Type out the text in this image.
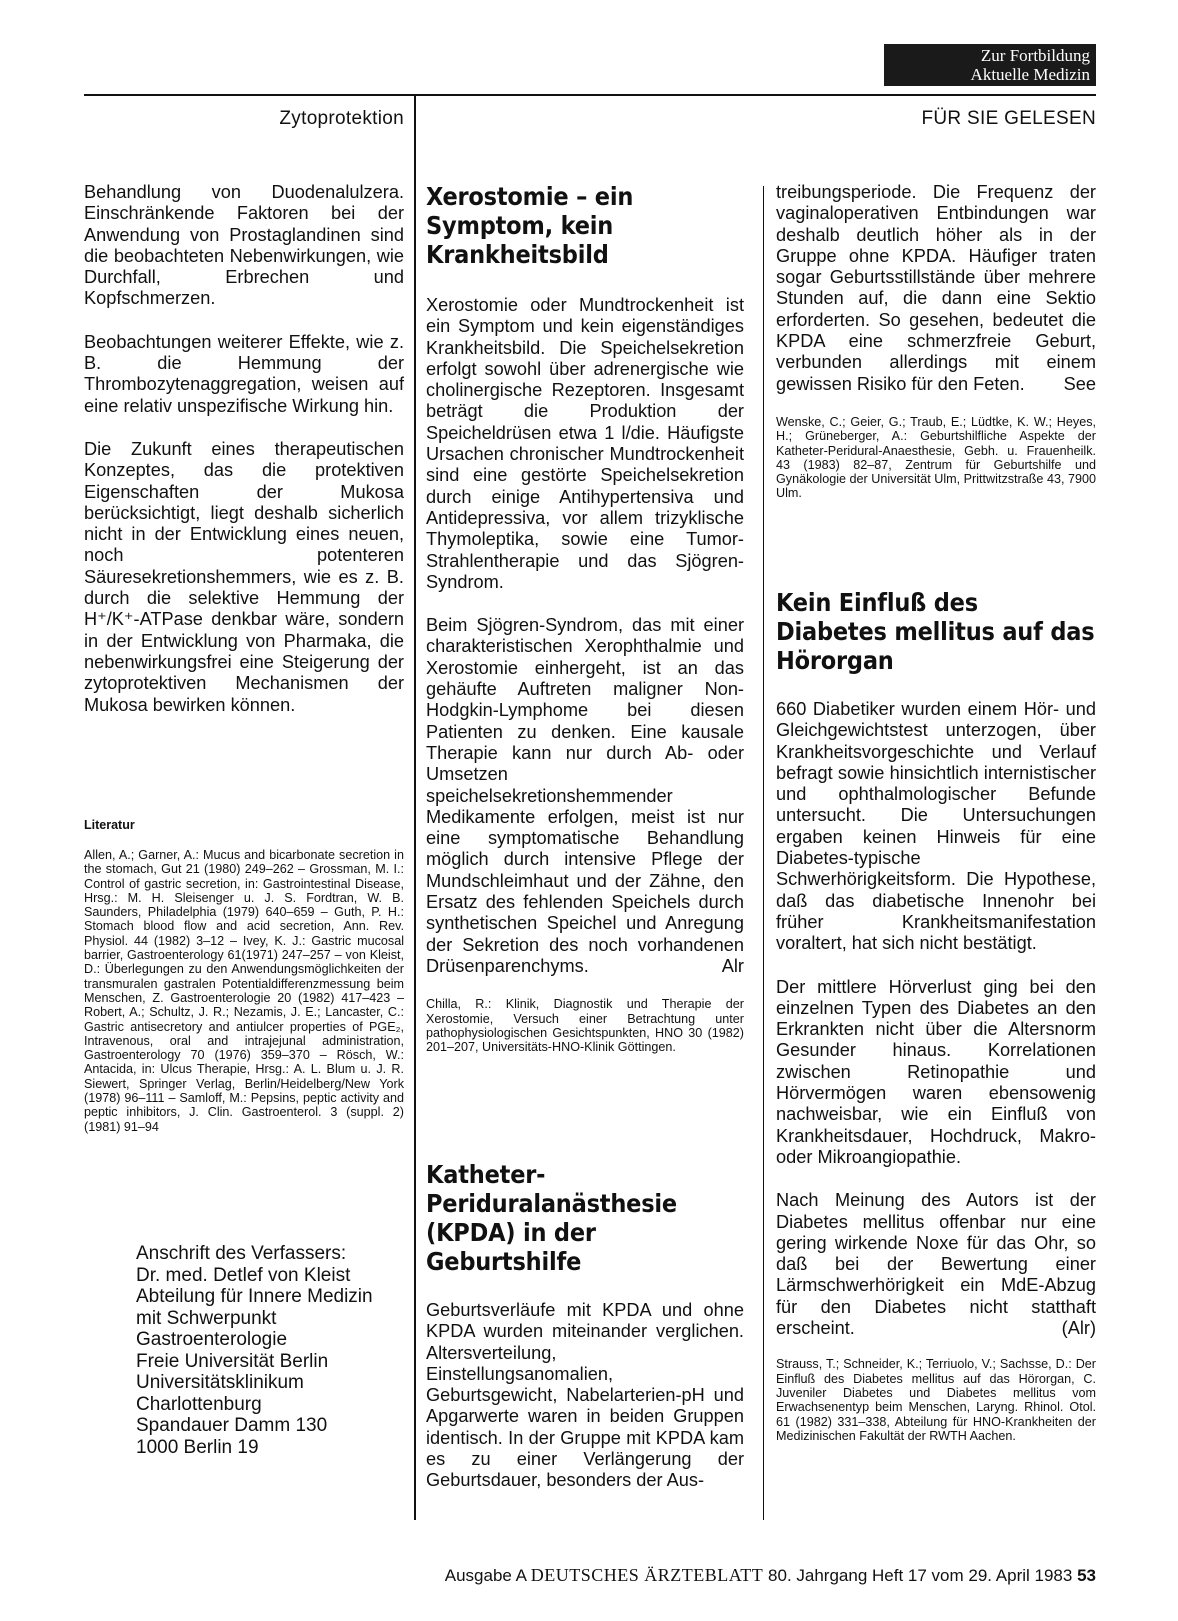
Zur Fortbildung
Aktuelle Medizin
Zytoprotektion	FÜR SIE GELESEN

Behandlung von Duodenalulzera. Einschränkende Faktoren bei der Anwendung von Prostaglandinen sind die beobachteten Nebenwirkungen, wie Durchfall, Erbrechen und Kopfschmerzen.

Beobachtungen weiterer Effekte, wie z. B. die Hemmung der Thrombozytenaggregation, weisen auf eine relativ unspezifische Wirkung hin.

Die Zukunft eines therapeutischen Konzeptes, das die protektiven Eigenschaften der Mukosa berücksichtigt, liegt deshalb sicherlich nicht in der Entwicklung eines neuen, noch potenteren Säuresekretionshemmers, wie es z. B. durch die selektive Hemmung der H⁺/K⁺-ATPase denkbar wäre, sondern in der Entwicklung von Pharmaka, die nebenwirkungsfrei eine Steigerung der zytoprotektiven Mechanismen der Mukosa bewirken können.

Literatur

Allen, A.; Garner, A.: Mucus and bicarbonate secretion in the stomach, Gut 21 (1980) 249–262 – Grossman, M. I.: Control of gastric secretion, in: Gastrointestinal Disease, Hrsg.: M. H. Sleisenger u. J. S. Fordtran, W. B. Saunders, Philadelphia (1979) 640–659 – Guth, P. H.: Stomach blood flow and acid secretion, Ann. Rev. Physiol. 44 (1982) 3–12 – Ivey, K. J.: Gastric mucosal barrier, Gastroenterology 61(1971) 247–257 – von Kleist, D.: Überlegungen zu den Anwendungsmöglichkeiten der transmuralen gastralen Potentialdifferenzmessung beim Menschen, Z. Gastroenterologie 20 (1982) 417–423 – Robert, A.; Schultz, J. R.; Nezamis, J. E.; Lancaster, C.: Gastric antisecretory and antiulcer properties of PGE₂, Intravenous, oral and intrajejunal administration, Gastroenterology 70 (1976) 359–370 – Rösch, W.: Antacida, in: Ulcus Therapie, Hrsg.: A. L. Blum u. J. R. Siewert, Springer Verlag, Berlin/Heidelberg/New York (1978) 96–111 – Samloff, M.: Pepsins, peptic activity and peptic inhibitors, J. Clin. Gastroenterol. 3 (suppl. 2) (1981) 91–94

Anschrift des Verfassers:
Dr. med. Detlef von Kleist
Abteilung für Innere Medizin
mit Schwerpunkt
Gastroenterologie
Freie Universität Berlin
Universitätsklinikum
Charlottenburg
Spandauer Damm 130
1000 Berlin 19

Xerostomie – ein Symptom, kein Krankheitsbild

Xerostomie oder Mundtrockenheit ist ein Symptom und kein eigenständiges Krankheitsbild. Die Speichelsekretion erfolgt sowohl über adrenergische wie cholinergische Rezeptoren. Insgesamt beträgt die Produktion der Speicheldrüsen etwa 1 l/die. Häufigste Ursachen chronischer Mundtrockenheit sind eine gestörte Speichelsekretion durch einige Antihypertensiva und Antidepressiva, vor allem trizyklische Thymoleptika, sowie eine Tumor-Strahlentherapie und das Sjögren-Syndrom.

Beim Sjögren-Syndrom, das mit einer charakteristischen Xerophthalmie und Xerostomie einhergeht, ist an das gehäufte Auftreten maligner Non-Hodgkin-Lymphome bei diesen Patienten zu denken. Eine kausale Therapie kann nur durch Ab- oder Umsetzen speichelsekretionshemmender Medikamente erfolgen, meist ist nur eine symptomatische Behandlung möglich durch intensive Pflege der Mundschleimhaut und der Zähne, den Ersatz des fehlenden Speichels durch synthetischen Speichel und Anregung der Sekretion des noch vorhandenen Drüsenparenchyms.	Alr

Chilla, R.: Klinik, Diagnostik und Therapie der Xerostomie, Versuch einer Betrachtung unter pathophysiologischen Gesichtspunkten, HNO 30 (1982) 201–207, Universitäts-HNO-Klinik Göttingen.

Katheter-Periduralanästhesie (KPDA) in der Geburtshilfe

Geburtsverläufe mit KPDA und ohne KPDA wurden miteinander verglichen. Altersverteilung, Einstellungsanomalien, Geburtsgewicht, Nabelarterien-pH und Apgarwerte waren in beiden Gruppen identisch. In der Gruppe mit KPDA kam es zu einer Verlängerung der Geburtsdauer, besonders der Aus-

treibungsperiode. Die Frequenz der vaginaloperativen Entbindungen war deshalb deutlich höher als in der Gruppe ohne KPDA. Häufiger traten sogar Geburtsstillstände über mehrere Stunden auf, die dann eine Sektio erforderten. So gesehen, bedeutet die KPDA eine schmerzfreie Geburt, verbunden allerdings mit einem gewissen Risiko für den Feten.	See

Wenske, C.; Geier, G.; Traub, E.; Lüdtke, K. W.; Heyes, H.; Grüneberger, A.: Geburtshilfliche Aspekte der Katheter-Peridural-Anaesthesie, Gebh. u. Frauenheilk. 43 (1983) 82–87, Zentrum für Geburtshilfe und Gynäkologie der Universität Ulm, Prittwitzstraße 43, 7900 Ulm.

Kein Einfluß des Diabetes mellitus auf das Hörorgan

660 Diabetiker wurden einem Hör- und Gleichgewichtstest unterzogen, über Krankheitsvorgeschichte und Verlauf befragt sowie hinsichtlich internistischer und ophthalmologischer Befunde untersucht. Die Untersuchungen ergaben keinen Hinweis für eine Diabetes-typische Schwerhörigkeitsform. Die Hypothese, daß das diabetische Innenohr bei früher Krankheitsmanifestation voraltert, hat sich nicht bestätigt.

Der mittlere Hörverlust ging bei den einzelnen Typen des Diabetes an den Erkrankten nicht über die Altersnorm Gesunder hinaus. Korrelationen zwischen Retinopathie und Hörvermögen waren ebensowenig nachweisbar, wie ein Einfluß von Krankheitsdauer, Hochdruck, Makro- oder Mikroangiopathie.

Nach Meinung des Autors ist der Diabetes mellitus offenbar nur eine gering wirkende Noxe für das Ohr, so daß bei der Bewertung einer Lärmschwerhörigkeit ein MdE-Abzug für den Diabetes nicht statthaft erscheint.	(Alr)

Strauss, T.; Schneider, K.; Terriuolo, V.; Sachsse, D.: Der Einfluß des Diabetes mellitus auf das Hörorgan, C. Juveniler Diabetes und Diabetes mellitus vom Erwachsenentyp beim Menschen, Laryng. Rhinol. Otol. 61 (1982) 331–338, Abteilung für HNO-Krankheiten der Medizinischen Fakultät der RWTH Aachen.

Ausgabe A DEUTSCHES ÄRZTEBLATT 80. Jahrgang Heft 17 vom 29. April 1983 53
